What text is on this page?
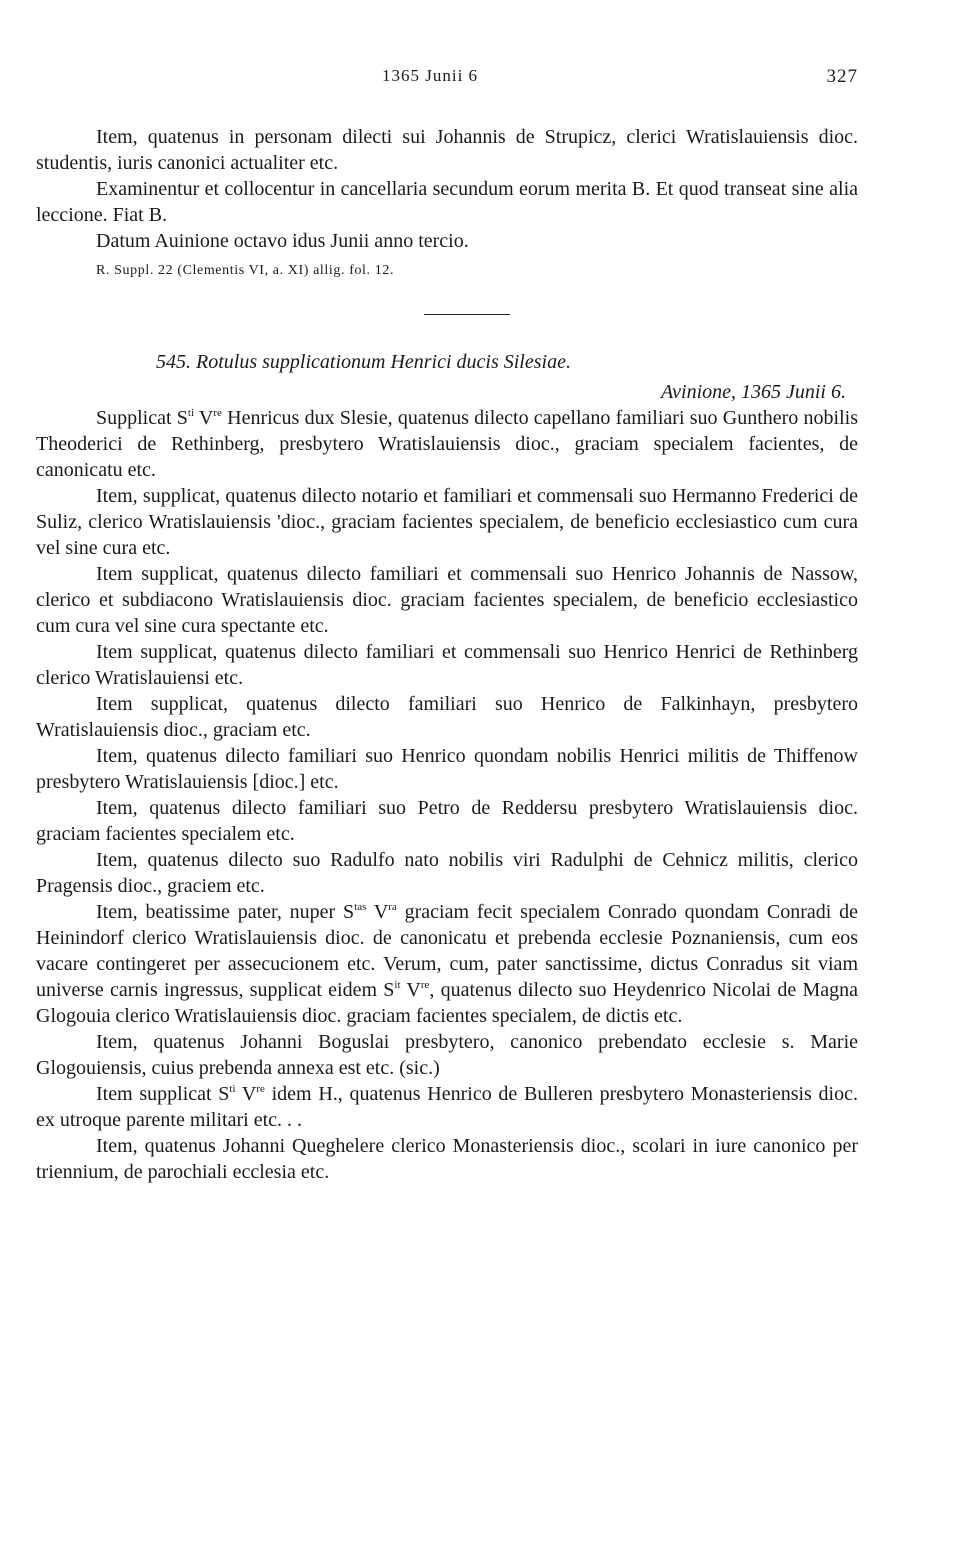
1365 Junii 6	327

Item, quatenus in personam dilecti sui Johannis de Strupicz, clerici Wratislauiensis dioc. studentis, iuris canonici actualiter etc.

Examinentur et collocentur in cancellaria secundum eorum merita B. Et quod transeat sine alia leccione. Fiat B.

Datum Auinione octavo idus Junii anno tercio.

R. Suppl. 22 (Clementis VI, a. XI) allig. fol. 12.

545. Rotulus supplicationum Henrici ducis Silesiae.

Avinione, 1365 Junii 6.

Supplicat $S^{ti}$ Vre Henricus dux Slesie, quatenus dilecto capellano familiari suo Gunthero nobilis Theoderici de Rethinberg, presbytero Wratislauiensis dioc., graciam specialem facientes, de canonicatu etc.

Item, supplicat, quatenus dilecto notario et familiari et commensali suo Hermanno Frederici de Suliz, clerico Wratislauiensis 'dioc., graciam facientes specialem, de beneficio ecclesiastico cum cura vel sine cura etc.

Item supplicat, quatenus dilecto familiari et commensali suo Henrico Johannis de Nassow, clerico et subdiacono Wratislauiensis dioc. graciam facientes specialem, de beneficio ecclesiastico cum cura vel sine cura spectante etc.

Item supplicat, quatenus dilecto familiari et commensali suo Henrico Henrici de Rethinberg clerico Wratislauiensi etc.

Item supplicat, quatenus dilecto familiari suo Henrico de Falkinhayn, presbytero Wratislauiensis dioc., graciam etc.

Item, quatenus dilecto familiari suo Henrico quondam nobilis Henrici militis de Thiffenow presbytero Wratislauiensis [dioc.] etc.

Item, quatenus dilecto familiari suo Petro de Reddersu presbytero Wratislauiensis dioc. graciam facientes specialem etc.

Item, quatenus dilecto suo Radulfo nato nobilis viri Radulphi de Cehnicz militis, clerico Pragensis dioc., graciem etc.

Item, beatissime pater, nuper $S^{tas}$ $V^{ra}$ graciam fecit specialem Conrado quondam Conradi de Heinindorf clerico Wratislauiensis dioc. de canonicatu et prebenda ecclesie Poznaniensis, cum eos vacare contingeret per assecucionem etc. Verum, cum, pater sanctissime, dictus Conradus sit viam universe carnis ingressus, supplicat eidem $S^{it}$ Vre, quatenus dilecto suo Heydenrico Nicolai de Magna Glogouia clerico Wratislauiensis dioc. graciam facientes specialem, de dictis etc.

Item, quatenus Johanni Boguslai presbytero, canonico prebendato ecclesie s. Marie Glogouiensis, cuius prebenda annexa est etc. (sic.)

Item supplicat $S^{ti}$ Vre idem H., quatenus Henrico de Bulleren presbytero Monasteriensis dioc. ex utroque parente militari etc. . .

Item, quatenus Johanni Queghelere clerico Monasteriensis dioc., scolari in iure canonico per triennium, de parochiali ecclesia etc.
